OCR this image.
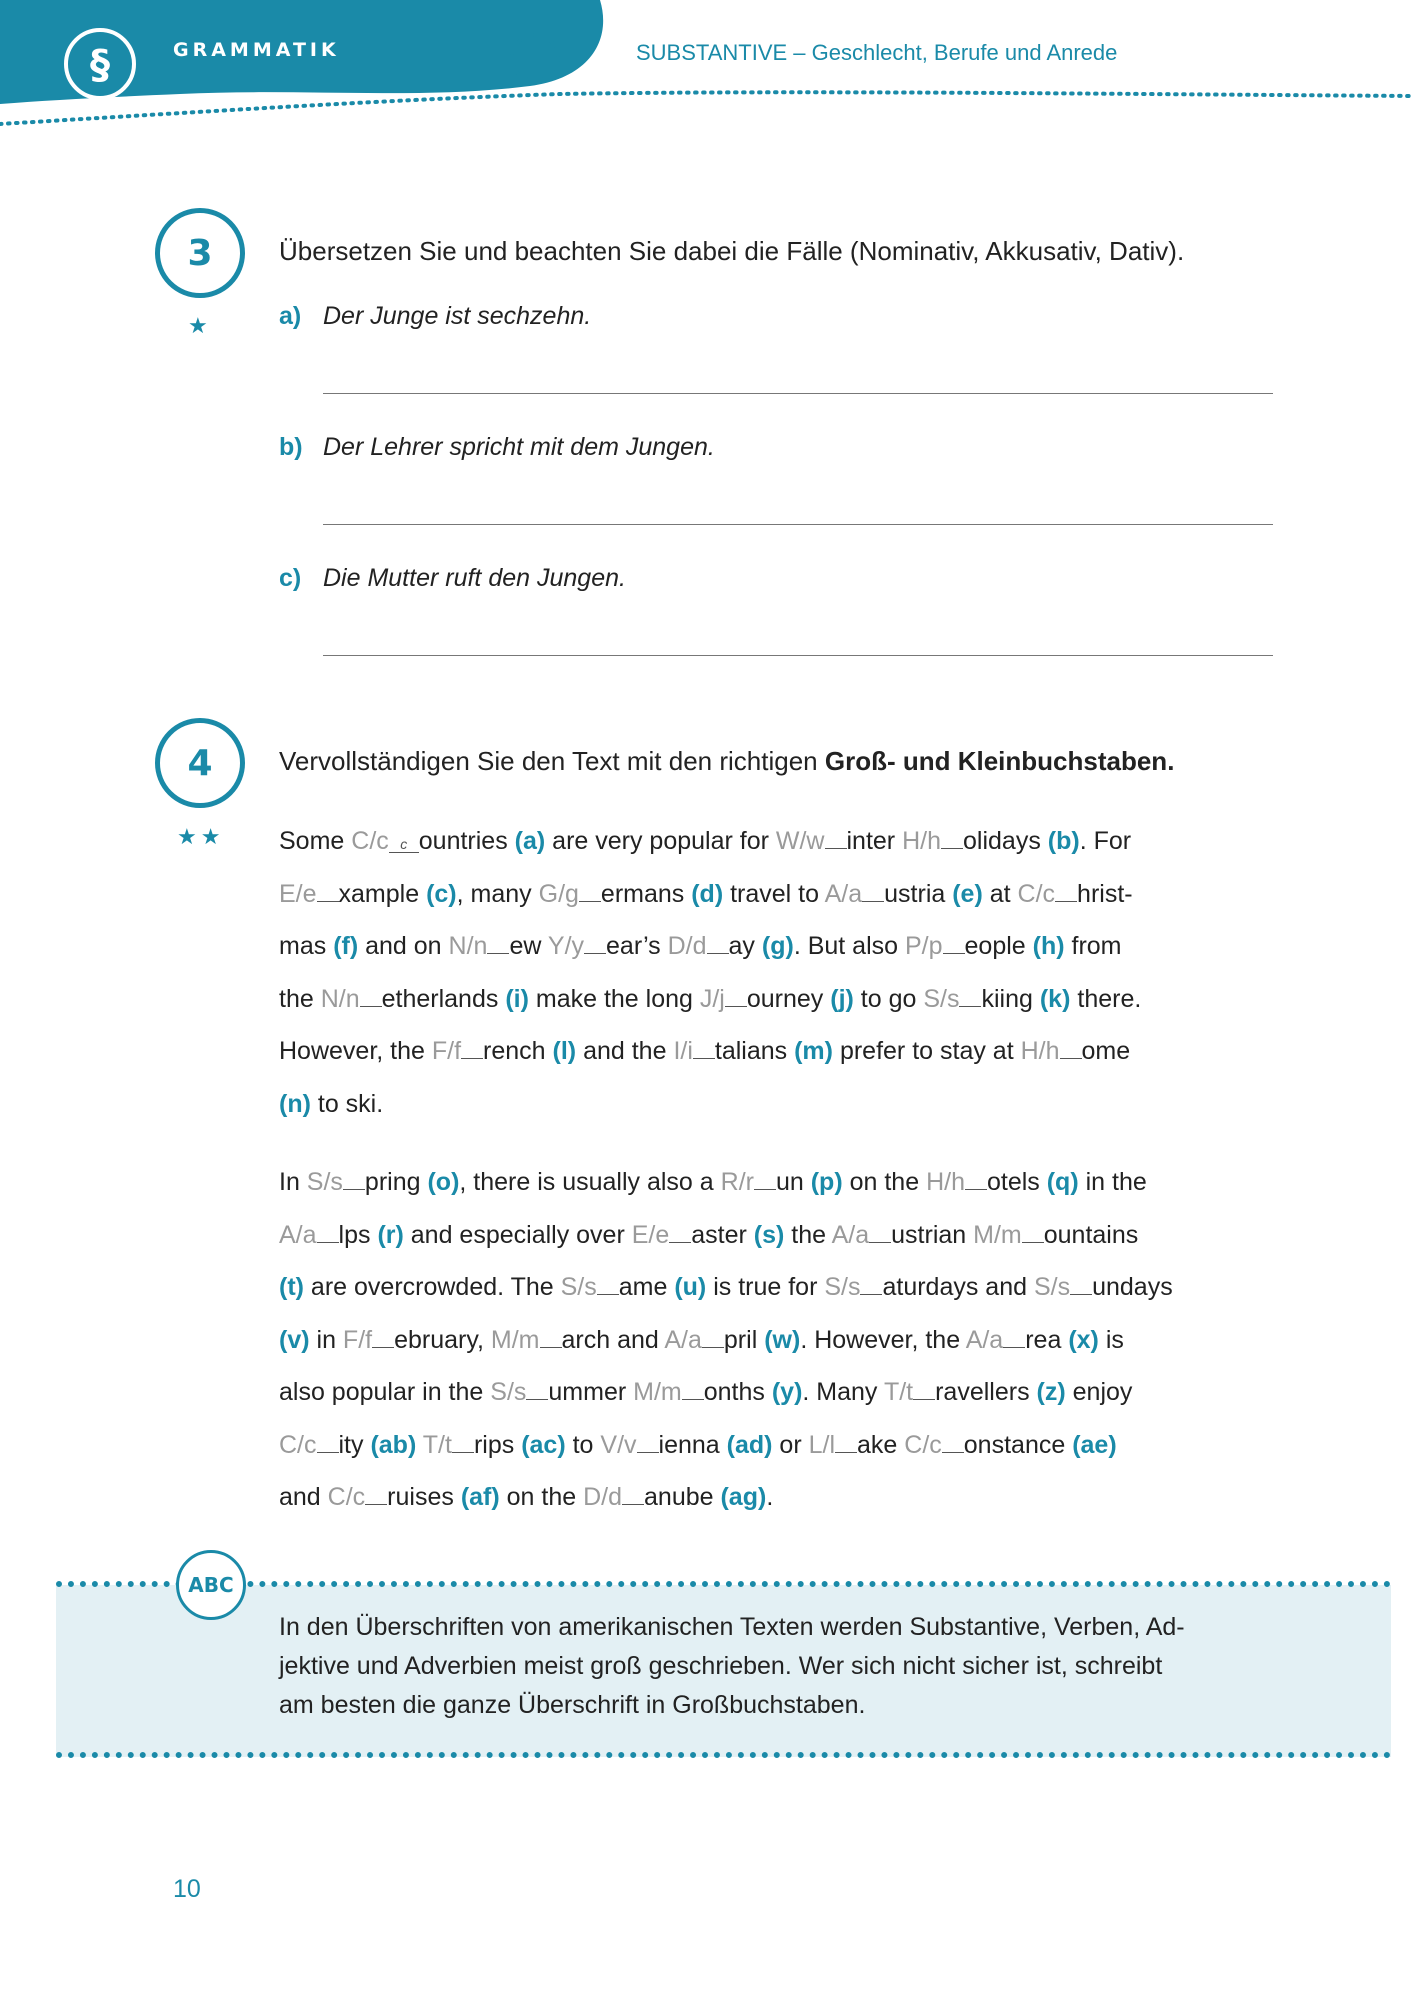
§	GRAMMATIK	SUBSTANTIVE – Geschlecht, Berufe und Anrede
3
★
Übersetzen Sie und beachten Sie dabei die Fälle (Nominativ, Akkusativ, Dativ).
a) Der Junge ist sechzehn.
b) Der Lehrer spricht mit dem Jungen.
c) Die Mutter ruft den Jungen.
4
★★
Vervollständigen Sie den Text mit den richtigen Groß- und Kleinbuchstaben.
Some C/c c ountries (a) are very popular for W/w inter H/h olidays (b). For
E/e xample (c), many G/g ermans (d) travel to A/a ustria (e) at C/c hrist-
mas (f) and on N/n ew Y/y ear’s D/d ay (g). But also P/p eople (h) from
the N/n etherlands (i) make the long J/j ourney (j) to go S/s kiing (k) there.
However, the F/f rench (l) and the I/i talians (m) prefer to stay at H/h ome
(n) to ski.
In S/s pring (o), there is usually also a R/r un (p) on the H/h otels (q) in the
A/a lps (r) and especially over E/e aster (s) the A/a ustrian M/m ountains
(t) are overcrowded. The S/s ame (u) is true for S/s aturdays and S/s undays
(v) in F/f ebruary, M/m arch and A/a pril (w). However, the A/a rea (x) is
also popular in the S/s ummer M/m onths (y). Many T/t ravellers (z) enjoy
C/c ity (ab) T/t rips (ac) to V/v ienna (ad) or L/l ake C/c onstance (ae)
and C/c ruises (af) on the D/d anube (ag).
ABC
In den Überschriften von amerikanischen Texten werden Substantive, Verben, Ad-
jektive und Adverbien meist groß geschrieben. Wer sich nicht sicher ist, schreibt
am besten die ganze Überschrift in Großbuchstaben.
10
